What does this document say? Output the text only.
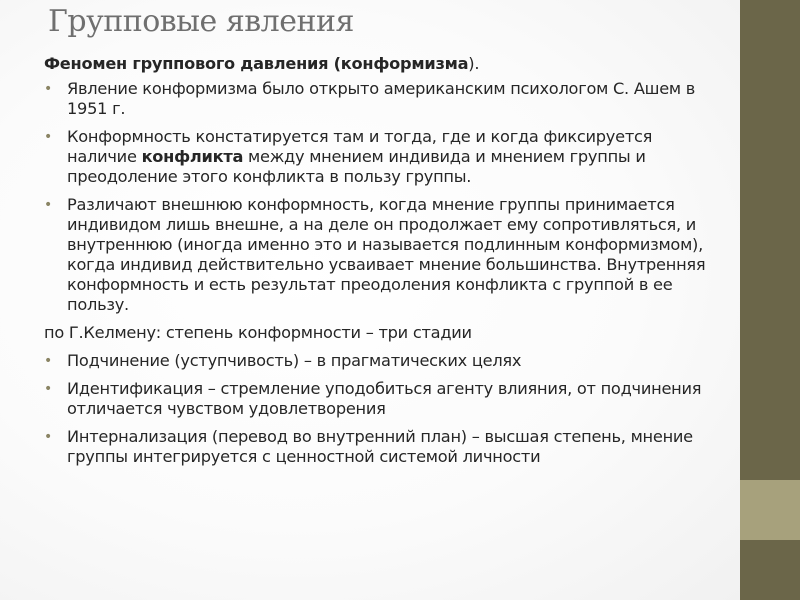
Групповые явления

Феномен группового давления (конформизма).

• Явление конформизма было открыто американским психологом С. Ашем в 1951 г.
• Конформность констатируется там и тогда, где и когда фиксируется наличие конфликта между мнением индивида и мнением группы и преодоление этого конфликта в пользу группы.
• Различают внешнюю конформность, когда мнение группы принимается индивидом лишь внешне, а на деле он продолжает ему сопротивляться, и внутреннюю (иногда именно это и называется подлинным конформизмом), когда индивид действительно усваивает мнение большинства. Внутренняя конформность и есть результат преодоления конфликта с группой в ее пользу.

по Г.Келмену: степень конформности – три стадии

• Подчинение (уступчивость) – в прагматических целях
• Идентификация – стремление уподобиться агенту влияния, от подчинения отличается чувством удовлетворения
• Интернализация (перевод во внутренний план) – высшая степень, мнение группы интегрируется с ценностной системой личности
